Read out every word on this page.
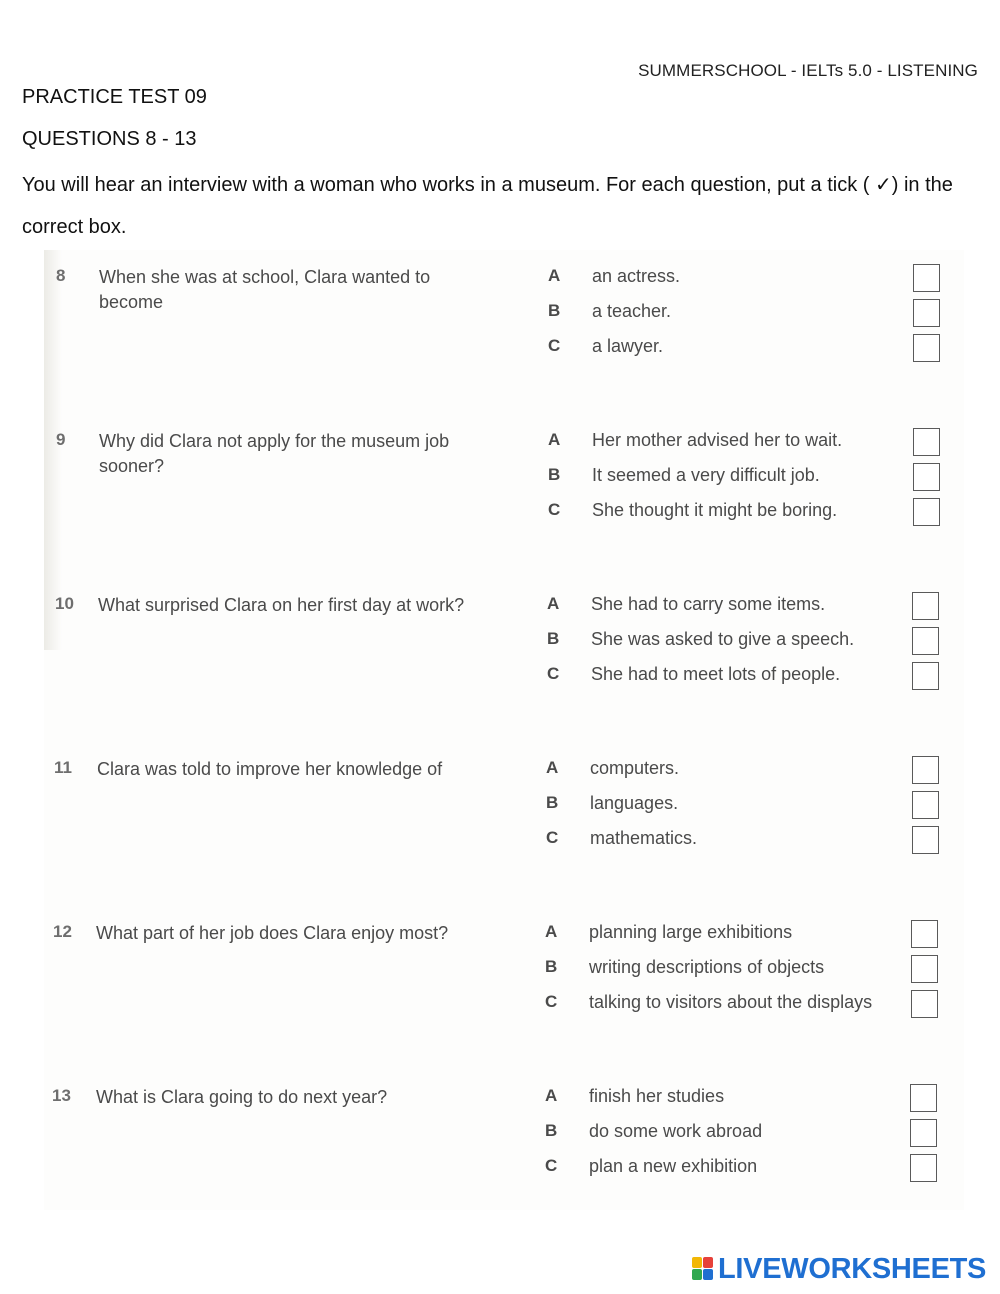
SUMMERSCHOOL - IELTs 5.0 - LISTENING
PRACTICE TEST 09
QUESTIONS 8 - 13
You will hear an interview with a woman who works in a museum. For each question, put a tick ( ✓) in the correct box.
8	When she was at school, Clara wanted to become
A an actress.
B a teacher.
C a lawyer.
9	Why did Clara not apply for the museum job sooner?
A Her mother advised her to wait.
B It seemed a very difficult job.
C She thought it might be boring.
10	What surprised Clara on her first day at work?	A She had to carry some items.
B She was asked to give a speech.
C She had to meet lots of people.
11	Clara was told to improve her knowledge of	A computers.
B languages.
C mathematics.
12	What part of her job does Clara enjoy most?	A planning large exhibitions
B writing descriptions of objects
C talking to visitors about the displays
13	What is Clara going to do next year?	A finish her studies
B do some work abroad
C plan a new exhibition
LIVEWORKSHEETS
